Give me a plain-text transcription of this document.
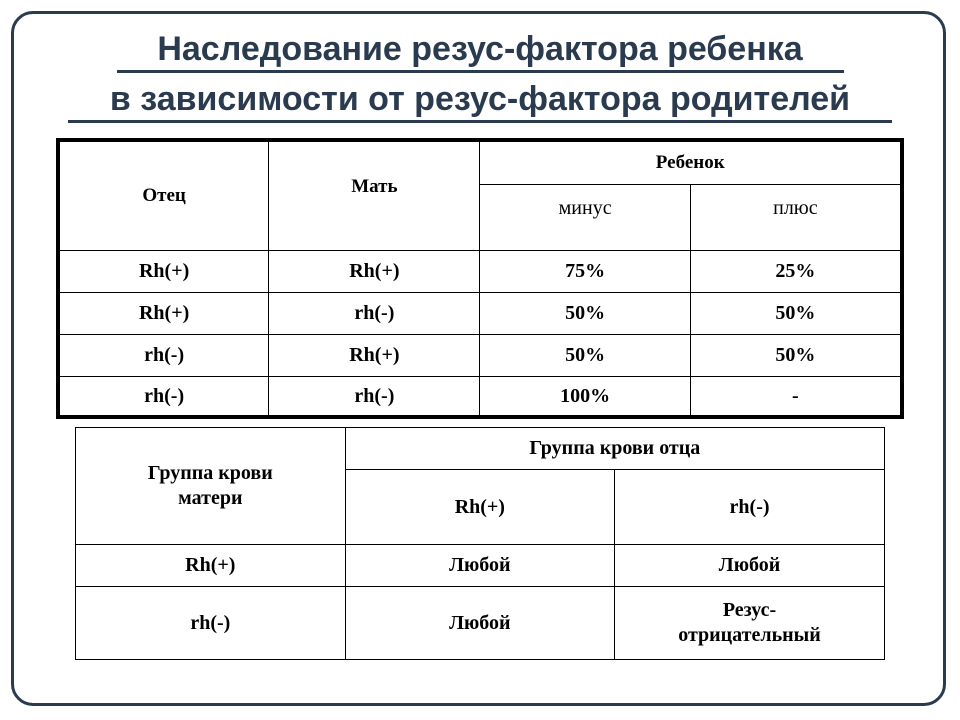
Наследование резус-фактора ребенка
в зависимости от резус-фактора родителей
Отец	Мать	Ребенок	
		минус	плюс
Rh(+)	Rh(+)	75%	25%
Rh(+)	rh(-)	50%	50%
rh(-)	Rh(+)	50%	50%
rh(-)	rh(-)	100%	-
Группа крови матери	Группа крови отца	
	Rh(+)	rh(-)
Rh(+)	Любой	Любой
rh(-)	Любой	Резус-отрицательный
